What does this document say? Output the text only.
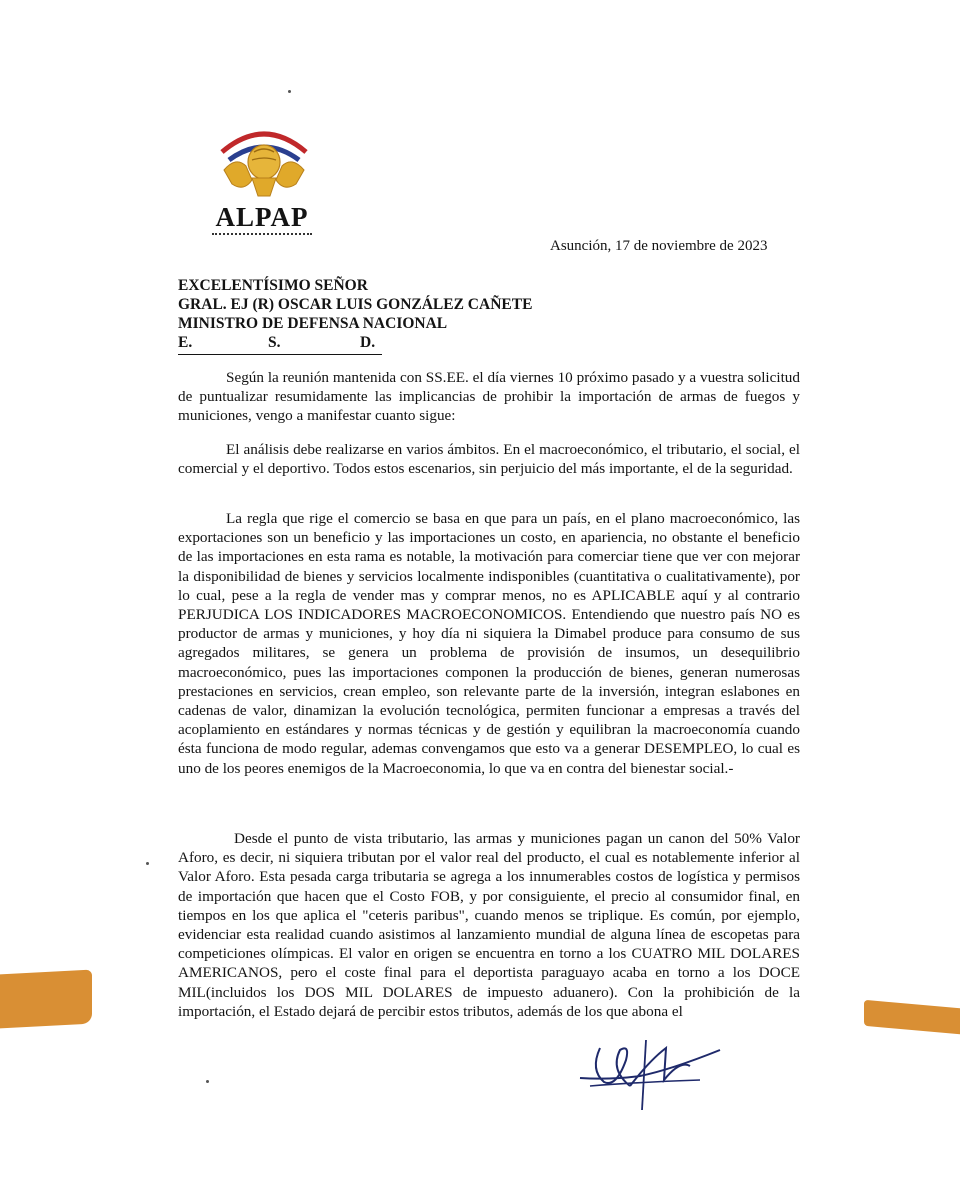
ALPAP
Asunción, 17 de noviembre de 2023
EXCELENTÍSIMO SEÑOR
GRAL. EJ (R) OSCAR LUIS GONZÁLEZ CAÑETE
MINISTRO DE DEFENSA NACIONAL
E.	S.	D.
Según la reunión mantenida con SS.EE. el día viernes 10 próximo pasado y a vuestra solicitud de puntualizar resumidamente las implicancias de prohibir la importación de armas de fuegos y municiones, vengo a manifestar cuanto sigue:
El análisis debe realizarse en varios ámbitos. En el macroeconómico, el tributario, el social, el comercial y el deportivo. Todos estos escenarios, sin perjuicio del más importante, el de la seguridad.
La regla que rige el comercio se basa en que para un país, en el plano macroeconómico, las exportaciones son un beneficio y las importaciones un costo, en apariencia, no obstante el beneficio de las importaciones en esta rama es notable, la motivación para comerciar tiene que ver con mejorar la disponibilidad de bienes y servicios localmente indisponibles (cuantitativa o cualitativamente), por lo cual, pese a la regla de vender mas y comprar menos, no es APLICABLE aquí y al contrario PERJUDICA LOS INDICADORES MACROECONOMICOS. Entendiendo que nuestro país NO es productor de armas y municiones, y hoy día ni siquiera la Dimabel produce para consumo de sus agregados militares, se genera un problema de provisión de insumos, un desequilibrio macroeconómico, pues las importaciones componen la producción de bienes, generan numerosas prestaciones en servicios, crean empleo, son relevante parte de la inversión, integran eslabones en cadenas de valor, dinamizan la evolución tecnológica, permiten funcionar a empresas a través del acoplamiento en estándares y normas técnicas y de gestión y equilibran la macroeconomía cuando ésta funciona de modo regular, ademas convengamos que esto va a generar DESEMPLEO, lo cual es uno de los peores enemigos de la Macroeconomia, lo que va en contra del bienestar social.-
Desde el punto de vista tributario, las armas y municiones pagan un canon del 50% Valor Aforo, es decir, ni siquiera tributan por el valor real del producto, el cual es notablemente inferior al Valor Aforo. Esta pesada carga tributaria se agrega a los innumerables costos de logística y permisos de importación que hacen que el Costo FOB, y por consiguiente, el precio al consumidor final, en tiempos en los que aplica el "ceteris paribus", cuando menos se triplique. Es común, por ejemplo, evidenciar esta realidad cuando asistimos al lanzamiento mundial de alguna línea de escopetas para competiciones olímpicas. El valor en origen se encuentra en torno a los CUATRO MIL DOLARES AMERICANOS, pero el coste final para el deportista paraguayo acaba en torno a los DOCE MIL(incluidos los DOS MIL DOLARES de impuesto aduanero). Con la prohibición de la importación, el Estado dejará de percibir estos tributos, además de los que abona el
